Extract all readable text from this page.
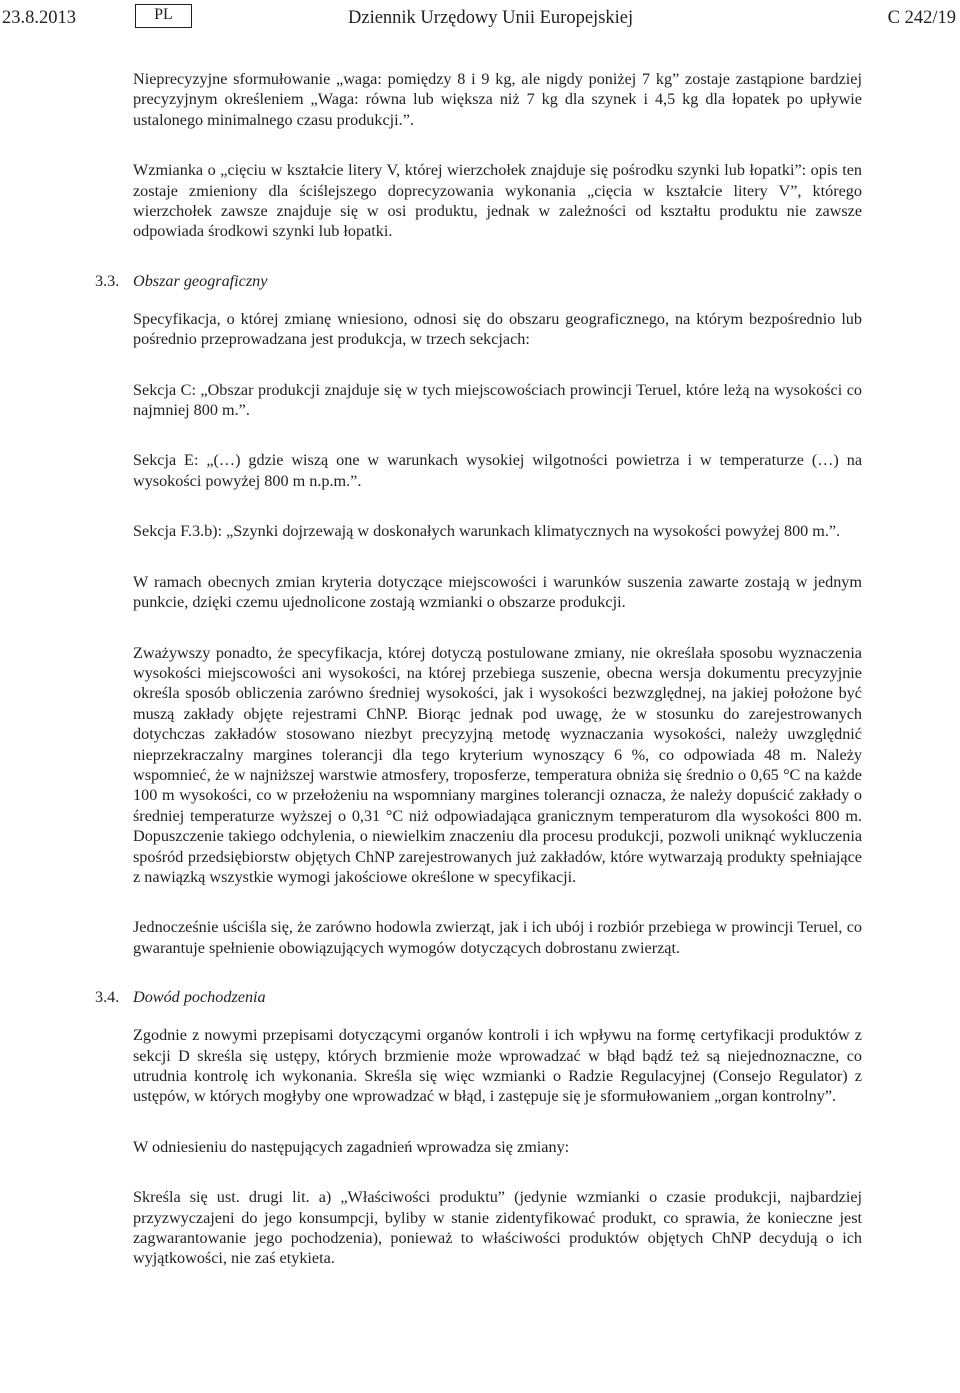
23.8.2013	PL	Dziennik Urzędowy Unii Europejskiej	C 242/19

Nieprecyzyjne sformułowanie „waga: pomiędzy 8 i 9 kg, ale nigdy poniżej 7 kg” zostaje zastąpione bardziej precyzyjnym określeniem „Waga: równa lub większa niż 7 kg dla szynek i 4,5 kg dla łopatek po upływie ustalonego minimalnego czasu produkcji.”.

Wzmianka o „cięciu w kształcie litery V, której wierzchołek znajduje się pośrodku szynki lub łopatki”: opis ten zostaje zmieniony dla ściślejszego doprecyzowania wykonania „cięcia w kształcie litery V”, którego wierzchołek zawsze znajduje się w osi produktu, jednak w zależności od kształtu produktu nie zawsze odpowiada środkowi szynki lub łopatki.

3.3. Obszar geograficzny

Specyfikacja, o której zmianę wniesiono, odnosi się do obszaru geograficznego, na którym bezpośrednio lub pośrednio przeprowadzana jest produkcja, w trzech sekcjach:

Sekcja C: „Obszar produkcji znajduje się w tych miejscowościach prowincji Teruel, które leżą na wysokości co najmniej 800 m.”.

Sekcja E: „(…) gdzie wiszą one w warunkach wysokiej wilgotności powietrza i w temperaturze (…) na wysokości powyżej 800 m n.p.m.”.

Sekcja F.3.b): „Szynki dojrzewają w doskonałych warunkach klimatycznych na wysokości powyżej 800 m.”.

W ramach obecnych zmian kryteria dotyczące miejscowości i warunków suszenia zawarte zostają w jednym punkcie, dzięki czemu ujednolicone zostają wzmianki o obszarze produkcji.

Zważywszy ponadto, że specyfikacja, której dotyczą postulowane zmiany, nie określała sposobu wyznaczenia wysokości miejscowości ani wysokości, na której przebiega suszenie, obecna wersja dokumentu precyzyjnie określa sposób obliczenia zarówno średniej wysokości, jak i wysokości bezwzględnej, na jakiej położone być muszą zakłady objęte rejestrami ChNP. Biorąc jednak pod uwagę, że w stosunku do zarejestrowanych dotychczas zakładów stosowano niezbyt precyzyjną metodę wyznaczania wysokości, należy uwzględnić nieprzekraczalny margines tolerancji dla tego kryterium wynoszący 6 %, co odpowiada 48 m. Należy wspomnieć, że w najniższej warstwie atmosfery, troposferze, temperatura obniża się średnio o 0,65 °C na każde 100 m wysokości, co w przełożeniu na wspomniany margines tolerancji oznacza, że należy dopuścić zakłady o średniej temperaturze wyższej o 0,31 °C niż odpowiadająca granicznym temperaturom dla wysokości 800 m. Dopuszczenie takiego odchylenia, o niewielkim znaczeniu dla procesu produkcji, pozwoli uniknąć wykluczenia spośród przedsiębiorstw objętych ChNP zarejestrowanych już zakładów, które wytwarzają produkty spełniające z nawiązką wszystkie wymogi jakościowe określone w specyfikacji.

Jednocześnie uściśla się, że zarówno hodowla zwierząt, jak i ich ubój i rozbiór przebiega w prowincji Teruel, co gwarantuje spełnienie obowiązujących wymogów dotyczących dobrostanu zwierząt.

3.4. Dowód pochodzenia

Zgodnie z nowymi przepisami dotyczącymi organów kontroli i ich wpływu na formę certyfikacji produktów z sekcji D skreśla się ustępy, których brzmienie może wprowadzać w błąd bądź też są niejednoznaczne, co utrudnia kontrolę ich wykonania. Skreśla się więc wzmianki o Radzie Regulacyjnej (Consejo Regulator) z ustępów, w których mogłyby one wprowadzać w błąd, i zastępuje się je sformułowaniem „organ kontrolny”.

W odniesieniu do następujących zagadnień wprowadza się zmiany:

Skreśla się ust. drugi lit. a) „Właściwości produktu” (jedynie wzmianki o czasie produkcji, najbardziej przyzwyczajeni do jego konsumpcji, byliby w stanie zidentyfikować produkt, co sprawia, że konieczne jest zagwarantowanie jego pochodzenia), ponieważ to właściwości produktów objętych ChNP decydują o ich wyjątkowości, nie zaś etykieta.
